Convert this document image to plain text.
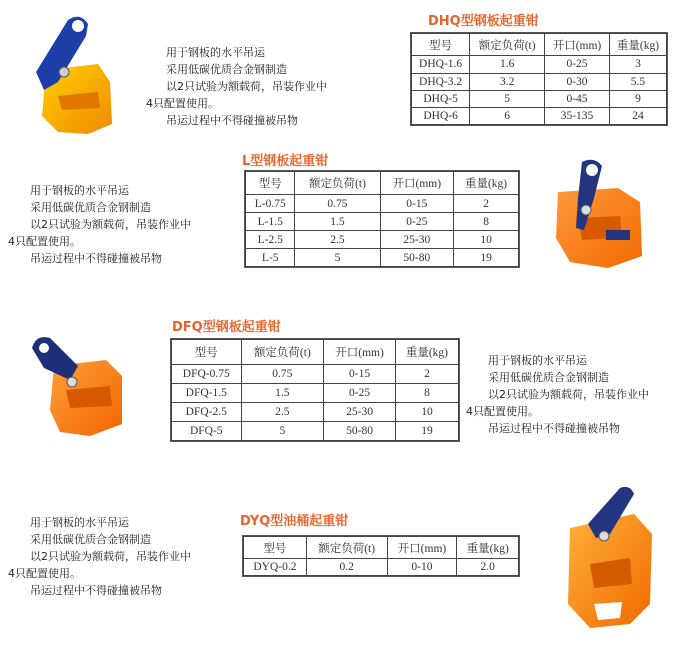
用于钢板的水平吊运
采用低碳优质合金钢制造
以2只试验为额载荷，吊装作业中
4只配置使用。
吊运过程中不得碰撞被吊物
DHQ型钢板起重钳
型号	额定负荷(t)	开口(mm)	重量(kg)
DHQ-1.6	1.6	0-25	3
DHQ-3.2	3.2	0-30	5.5
DHQ-5	5	0-45	9
DHQ-6	6	35-135	24
用于钢板的水平吊运
采用低碳优质合金钢制造
以2只试验为额载荷，吊装作业中
4只配置使用。
吊运过程中不得碰撞被吊物
L型钢板起重钳
型号	额定负荷(t)	开口(mm)	重量(kg)
L-0.75	0.75	0-15	2
L-1.5	1.5	0-25	8
L-2.5	2.5	25-30	10
L-5	5	50-80	19
DFQ型钢板起重钳
型号	额定负荷(t)	开口(mm)	重量(kg)
DFQ-0.75	0.75	0-15	2
DFQ-1.5	1.5	0-25	8
DFQ-2.5	2.5	25-30	10
DFQ-5	5	50-80	19
用于钢板的水平吊运
采用低碳优质合金钢制造
以2只试验为额载荷，吊装作业中
4只配置使用。
吊运过程中不得碰撞被吊物
用于钢板的水平吊运
采用低碳优质合金钢制造
以2只试验为额载荷，吊装作业中
4只配置使用。
吊运过程中不得碰撞被吊物
DYQ型油桶起重钳
型号	额定负荷(t)	开口(mm)	重量(kg)
DYQ-0.2	0.2	0-10	2.0
